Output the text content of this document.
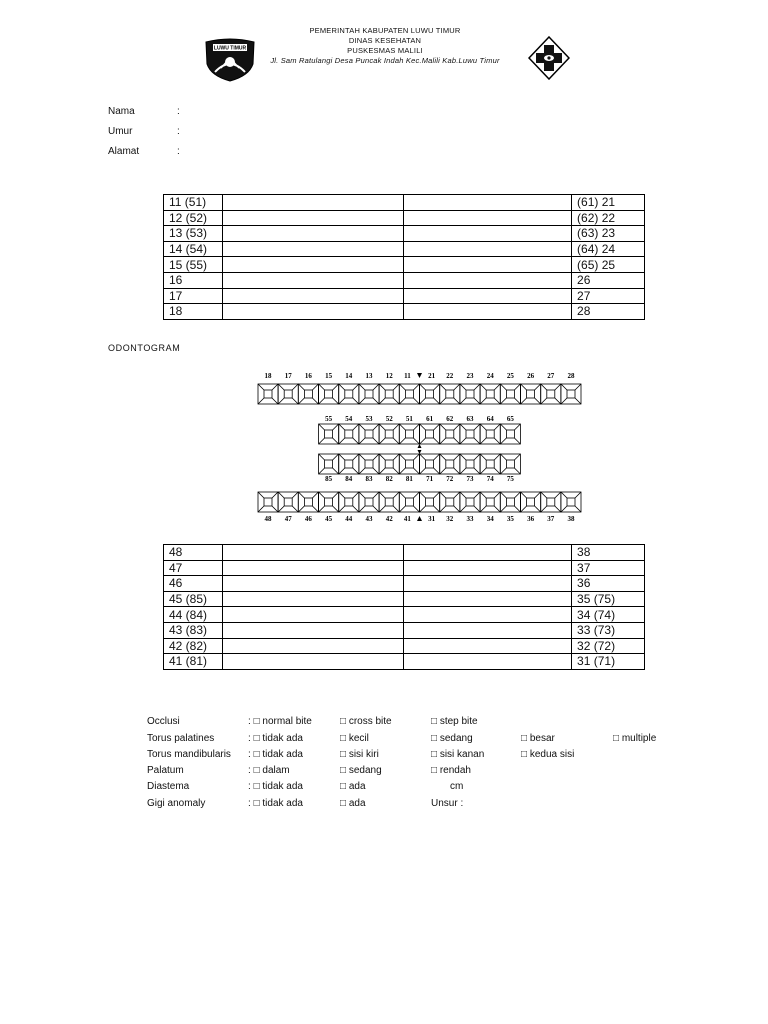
PEMERINTAH KABUPATEN LUWU TIMUR
DINAS KESEHATAN
PUSKESMAS MALILI
Jl. Sam Ratulangi Desa Puncak Indah Kec.Malili Kab.Luwu Timur
LUWU TIMUR
Nama	:
Umur	:
Alamat	:
11 (51)			(61) 21
12 (52)			(62) 22
13 (53)			(63) 23
14 (54)			(64) 24
15 (55)			(65) 25
16			26
17			27
18			28
ODONTOGRAM
18 17 16 15 14 13 12 11 21 22 23 24 25 26 27 28
55 54 53 52 51 61 62 63 64 65
85 84 83 82 81 71 72 73 74 75
48 47 46 45 44 43 42 41 31 32 33 34 35 36 37 38
48			38
47			37
46			36
45 (85)			35 (75)
44 (84)			34 (74)
43 (83)			33 (73)
42 (82)			32 (72)
41 (81)			31 (71)
Occlusi	: □ normal bite	□ cross bite	□ step bite
Torus palatines	: □ tidak ada	□ kecil	□ sedang	□ besar	□ multiple
Torus mandibularis : □ tidak ada	□ sisi kiri	□ sisi kanan	□ kedua sisi
Palatum	: □ dalam	□ sedang	□ rendah
Diastema	: □ tidak ada	□ ada	cm
Gigi anomaly	: □ tidak ada	□ ada	Unsur :
